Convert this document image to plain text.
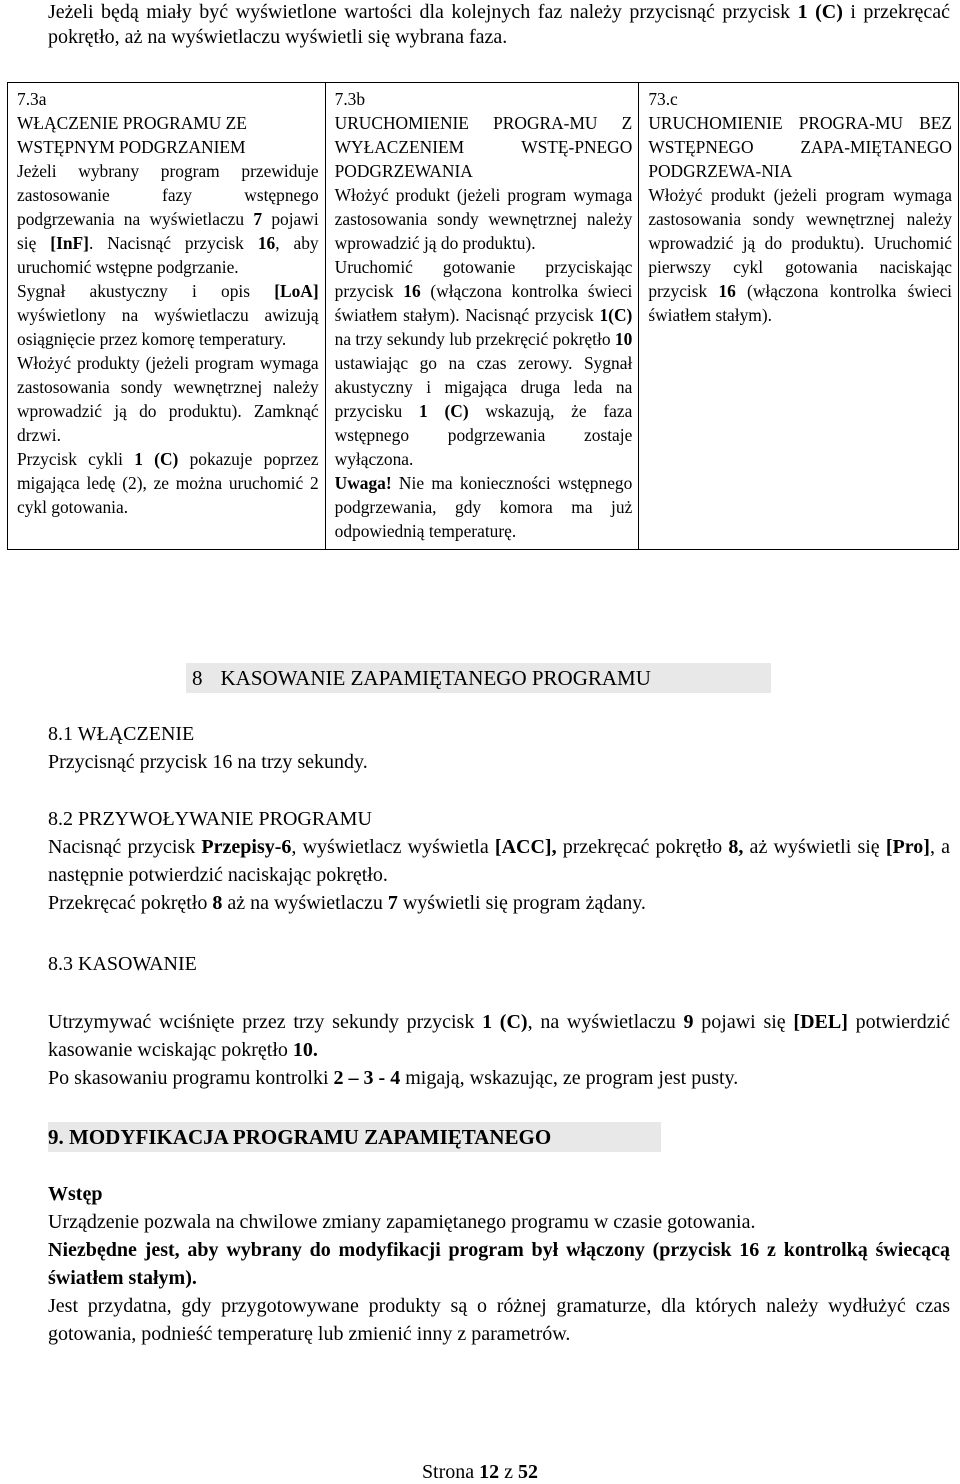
Jeżeli będą miały być wyświetlone wartości dla kolejnych faz należy przycisnąć przycisk 1 (C) i przekręcać pokrętło, aż na wyświetlaczu wyświetli się wybrana faza.

7.3a
WŁĄCZENIE PROGRAMU ZE WSTĘPNYM PODGRZANIEM
Jeżeli wybrany program przewiduje zastosowanie fazy wstępnego podgrzewania na wyświetlaczu 7 pojawi się [InF]. Nacisnąć przycisk 16, aby uruchomić wstępne podgrzanie.
Sygnał akustyczny i opis [LoA] wyświetlony na wyświetlaczu awizują osiągnięcie przez komorę temperatury.
Włożyć produkty (jeżeli program wymaga zastosowania sondy wewnętrznej należy wprowadzić ją do produktu). Zamknąć drzwi.
Przycisk cykli 1 (C) pokazuje poprzez migająca ledę (2), ze można uruchomić 2 cykl gotowania.

7.3b
URUCHOMIENIE PROGRA-MU Z WYŁACZENIEM WSTĘ-PNEGO PODGRZEWANIA
Włożyć produkt (jeżeli program wymaga zastosowania sondy wewnętrznej należy wprowadzić ją do produktu).
Uruchomić gotowanie przyciskając przycisk 16 (włączona kontrolka świeci światłem stałym). Nacisnąć przycisk 1(C) na trzy sekundy lub przekręcić pokrętło 10 ustawiając go na czas zerowy. Sygnał akustyczny i migająca druga leda na przycisku 1 (C) wskazują, że faza wstępnego podgrzewania zostaje wyłączona.
Uwaga! Nie ma konieczności wstępnego podgrzewania, gdy komora ma już odpowiednią temperaturę.

73.c
URUCHOMIENIE PROGRA-MU BEZ WSTĘPNEGO ZAPA-MIĘTANEGO PODGRZEWA-NIA
Włożyć produkt (jeżeli program wymaga zastosowania sondy wewnętrznej należy wprowadzić ją do produktu). Uruchomić pierwszy cykl gotowania naciskając przycisk 16 (włączona kontrolka świeci światłem stałym).
8 KASOWANIE ZAPAMIĘTANEGO PROGRAMU
8.1 WŁĄCZENIE
Przycisnąć przycisk 16 na trzy sekundy.
8.2 PRZYWOŁYWANIE PROGRAMU
Nacisnąć przycisk Przepisy-6, wyświetlacz wyświetla [ACC], przekręcać pokrętło 8, aż wyświetli się [Pro], a następnie potwierdzić naciskając pokrętło.
Przekręcać pokrętło 8 aż na wyświetlaczu 7 wyświetli się program żądany.
8.3 KASOWANIE
Utrzymywać wciśnięte przez trzy sekundy przycisk 1 (C), na wyświetlaczu 9 pojawi się [DEL] potwierdzić kasowanie wciskając pokrętło 10.
Po skasowaniu programu kontrolki 2 – 3 - 4 migają, wskazując, ze program jest pusty.
9. MODYFIKACJA PROGRAMU ZAPAMIĘTANEGO
Wstęp
Urządzenie pozwala na chwilowe zmiany zapamiętanego programu w czasie gotowania.
Niezbędne jest, aby wybrany do modyfikacji program był włączony (przycisk 16 z kontrolką świecącą światłem stałym).
Jest przydatna, gdy przygotowywane produkty są o różnej gramaturze, dla których należy wydłużyć czas gotowania, podnieść temperaturę lub zmienić inny z parametrów.
Strona 12 z 52
